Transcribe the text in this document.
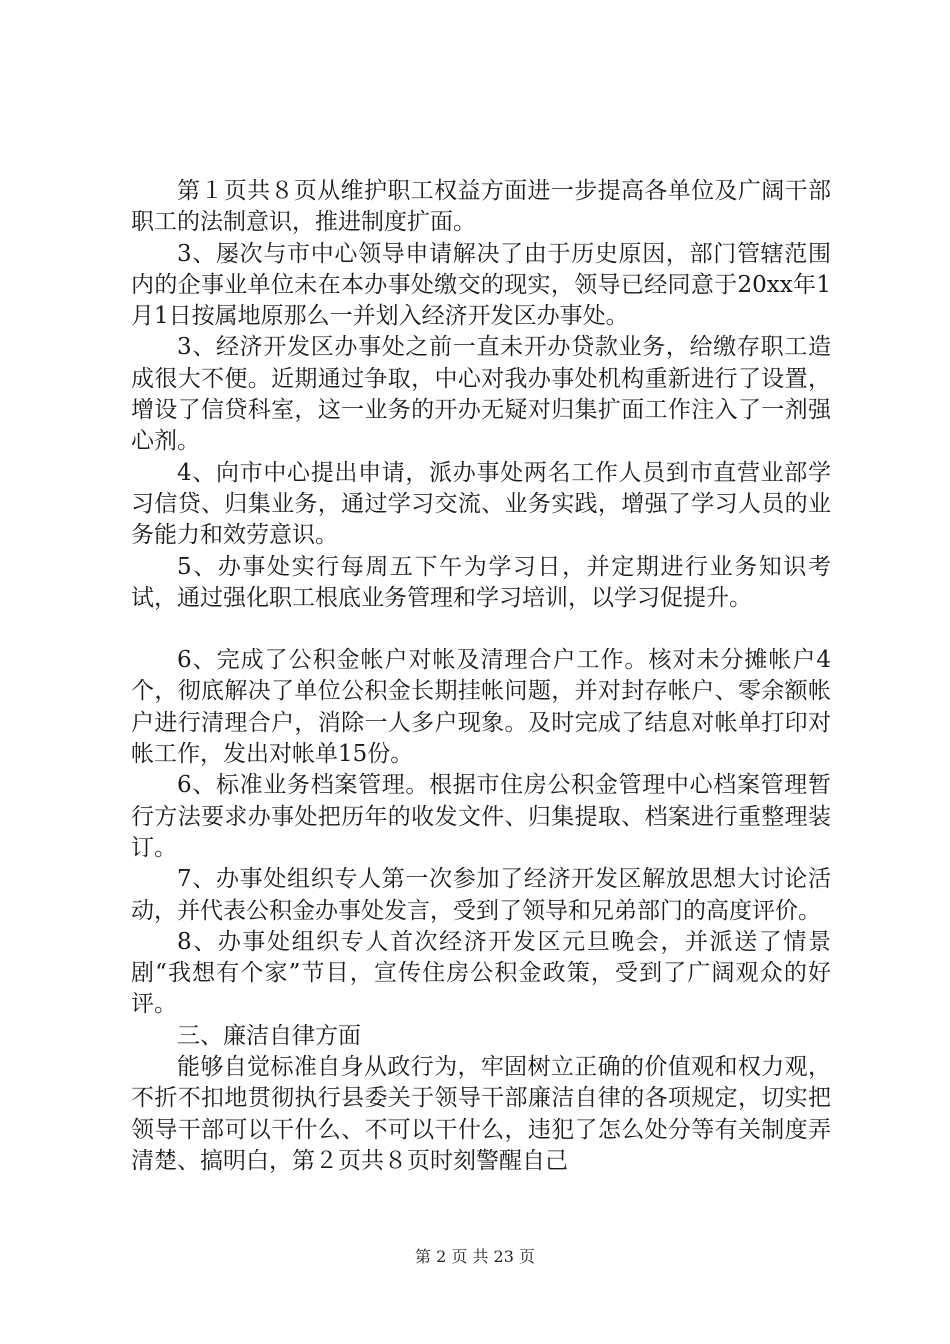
第１页共８页从维护职工权益方面进一步提高各单位及广阔干部职工的法制意识，推进制度扩面。

3、屡次与市中心领导申请解决了由于历史原因，部门管辖范围内的企事业单位未在本办事处缴交的现实，领导已经同意于20xx年1月1日按属地原那么一并划入经济开发区办事处。

3、经济开发区办事处之前一直未开办贷款业务，给缴存职工造成很大不便。近期通过争取，中心对我办事处机构重新进行了设置，增设了信贷科室，这一业务的开办无疑对归集扩面工作注入了一剂强心剂。

4、向市中心提出申请，派办事处两名工作人员到市直营业部学习信贷、归集业务，通过学习交流、业务实践，增强了学习人员的业务能力和效劳意识。

5、办事处实行每周五下午为学习日，并定期进行业务知识考试，通过强化职工根底业务管理和学习培训，以学习促提升。

6、完成了公积金帐户对帐及清理合户工作。核对未分摊帐户4个，彻底解决了单位公积金长期挂帐问题，并对封存帐户、零余额帐户进行清理合户，消除一人多户现象。及时完成了结息对帐单打印对帐工作，发出对帐单15份。

6、标准业务档案管理。根据市住房公积金管理中心档案管理暂行方法要求办事处把历年的收发文件、归集提取、档案进行重整理装订。

7、办事处组织专人第一次参加了经济开发区解放思想大讨论活动，并代表公积金办事处发言，受到了领导和兄弟部门的高度评价。

8、办事处组织专人首次经济开发区元旦晚会，并派送了情景剧“我想有个家”节目，宣传住房公积金政策，受到了广阔观众的好评。

三、廉洁自律方面

能够自觉标准自身从政行为，牢固树立正确的价值观和权力观，不折不扣地贯彻执行县委关于领导干部廉洁自律的各项规定，切实把领导干部可以干什么、不可以干什么，违犯了怎么处分等有关制度弄清楚、搞明白，第２页共８页时刻警醒自己

第 2 页 共 23 页
